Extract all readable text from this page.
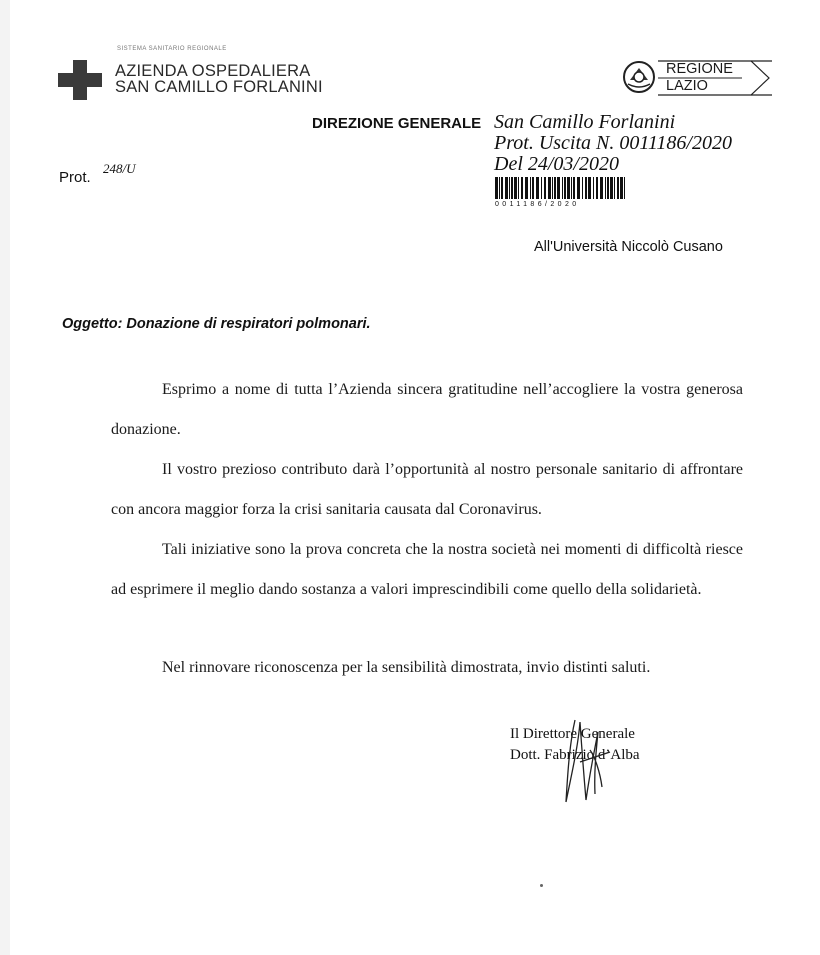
SISTEMA SANITARIO REGIONALE
AZIENDA OSPEDALIERA
SAN CAMILLO FORLANINI
REGIONE
LAZIO
DIREZIONE GENERALE San Camillo Forlanini
Prot. Uscita N. 0011186/2020
Del 24/03/2020
0011186/2020
Prot.
248/U
All'Università Niccolò Cusano
Oggetto: Donazione di respiratori polmonari.
Esprimo a nome di tutta l’Azienda sincera gratitudine nell’accogliere la vostra generosa donazione.
Il vostro prezioso contributo darà l’opportunità al nostro personale sanitario di affrontare con ancora maggior forza la crisi sanitaria causata dal Coronavirus.
Tali iniziative sono la prova concreta che la nostra società nei momenti di difficoltà riesce ad esprimere il meglio dando sostanza a valori imprescindibili come quello della solidarietà.
Nel rinnovare riconoscenza per la sensibilità dimostrata, invio distinti saluti.
Il Direttore Generale
Dott. Fabrizio d’Alba
